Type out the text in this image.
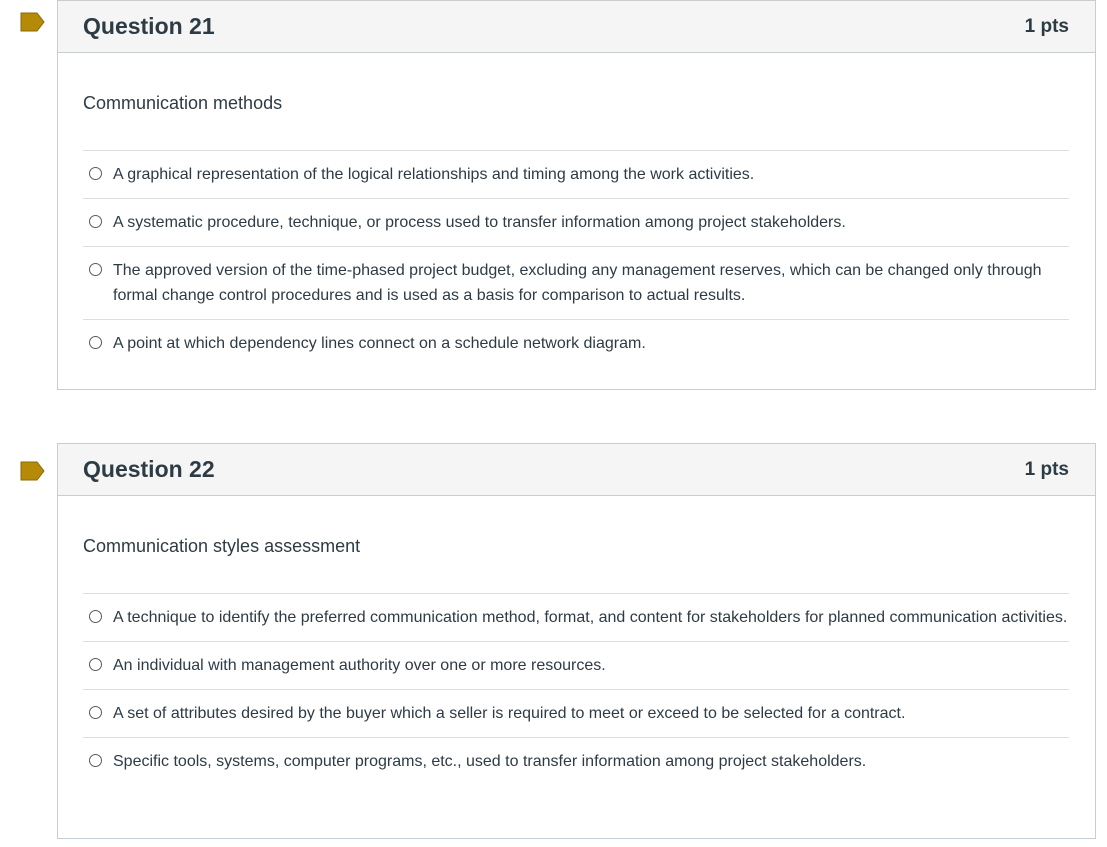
Question 21	1 pts
Communication methods
A graphical representation of the logical relationships and timing among the work activities.
A systematic procedure, technique, or process used to transfer information among project stakeholders.
The approved version of the time-phased project budget, excluding any management reserves, which can be changed only through formal change control procedures and is used as a basis for comparison to actual results.
A point at which dependency lines connect on a schedule network diagram.
Question 22	1 pts
Communication styles assessment
A technique to identify the preferred communication method, format, and content for stakeholders for planned communication activities.
An individual with management authority over one or more resources.
A set of attributes desired by the buyer which a seller is required to meet or exceed to be selected for a contract.
Specific tools, systems, computer programs, etc., used to transfer information among project stakeholders.
